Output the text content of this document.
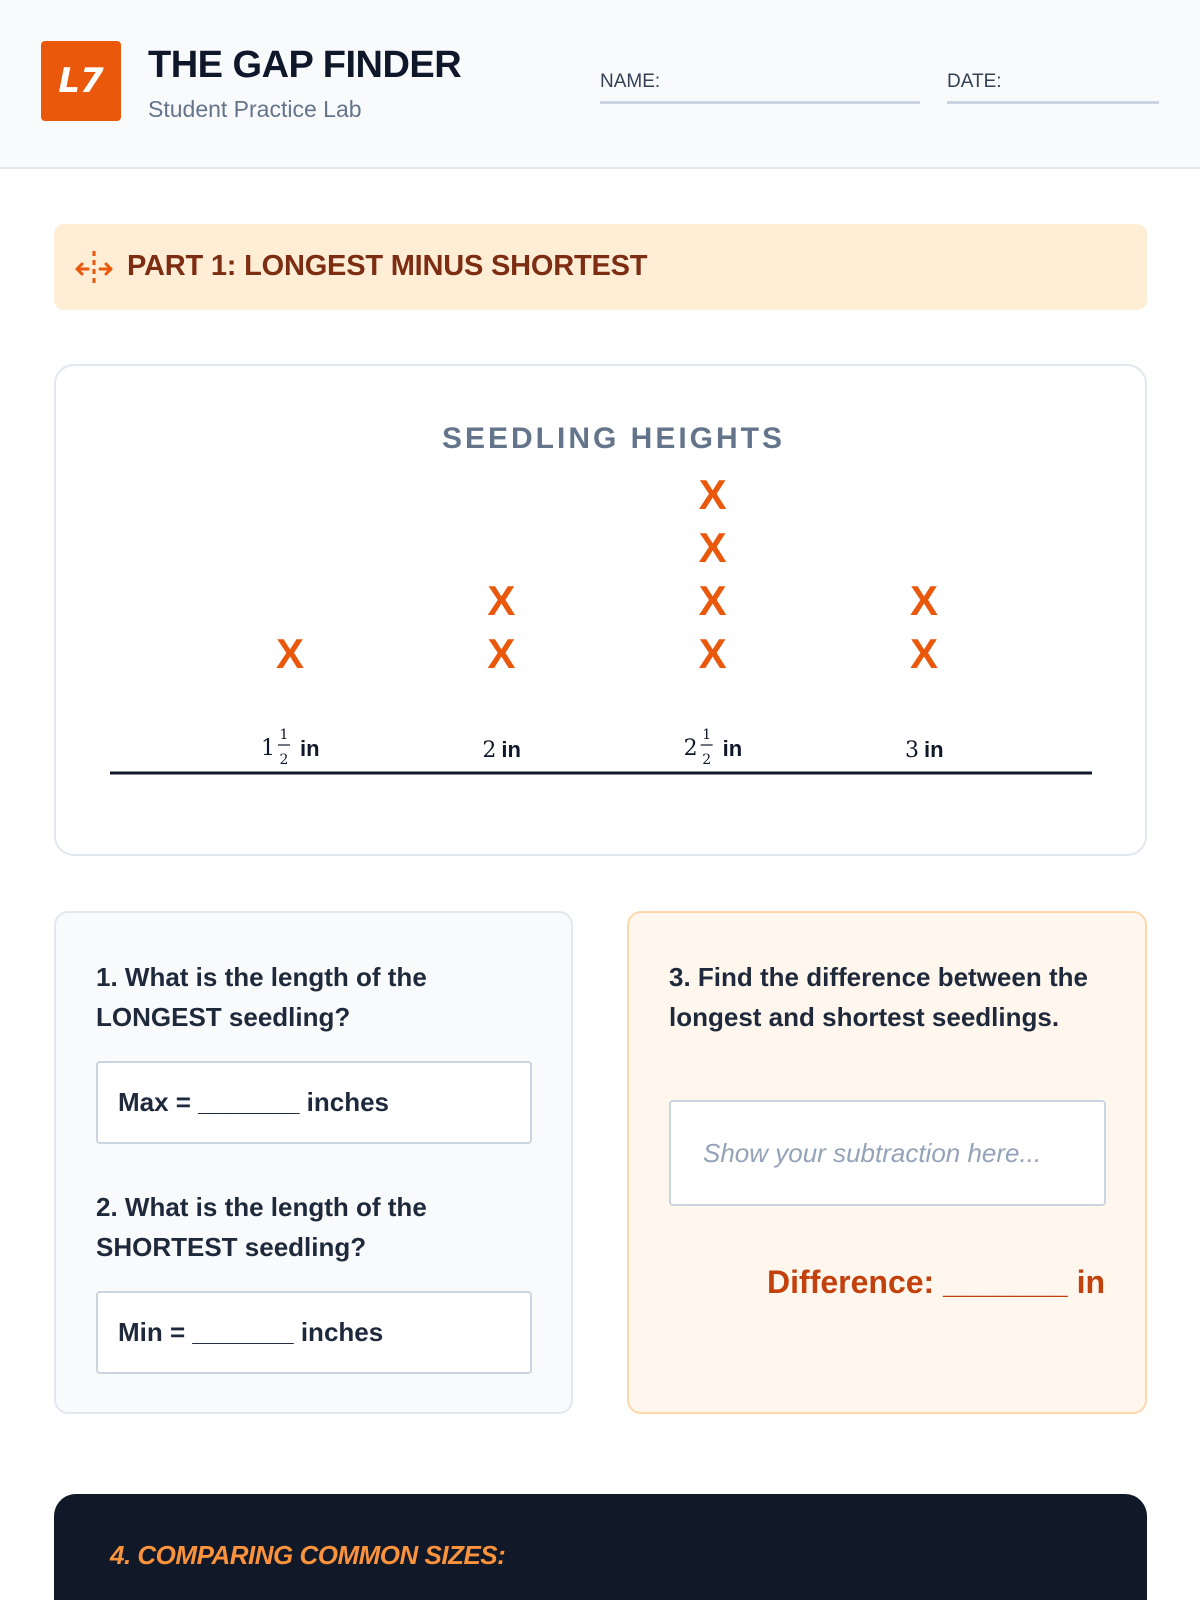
L7 THE GAP FINDER
Student Practice Lab
NAME:	DATE:
PART 1: LONGEST MINUS SHORTEST
SEEDLING HEIGHTS
X
1
1
2 in
X
X
2 in
X
X
X
X
2
1
2 in
X
X
3 in
1. What is the length of the LONGEST seedling?
Max = _______ inches
2. What is the length of the SHORTEST seedling?
Min = _______ inches
3. Find the difference between the longest and shortest seedlings.
Show your subtraction here...
Difference: _______ in
4. COMPARING COMMON SIZES:
